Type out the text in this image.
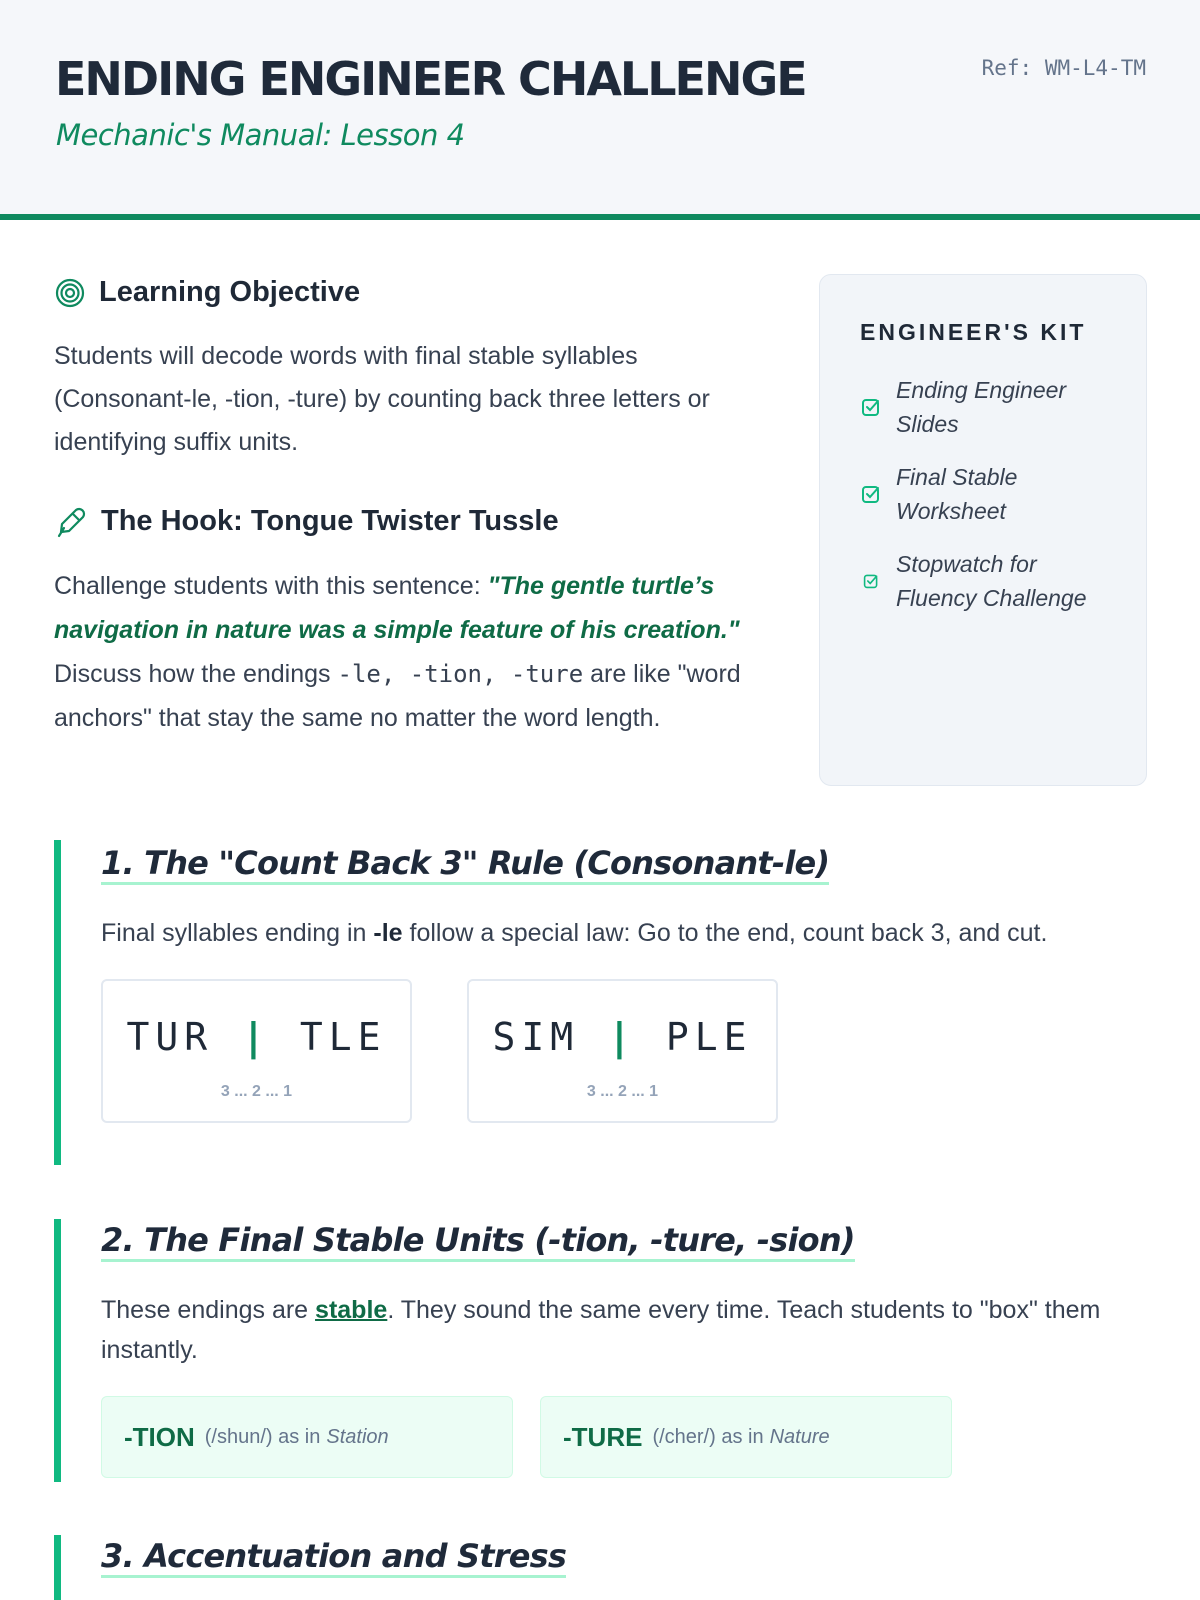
ENDING ENGINEER CHALLENGE
Mechanic's Manual: Lesson 4
Ref: WM-L4-TM
Learning Objective
Students will decode words with final stable syllables (Consonant-le, -tion, -ture) by counting back three letters or identifying suffix units.
The Hook: Tongue Twister Tussle
Challenge students with this sentence: "The gentle turtle’s navigation in nature was a simple feature of his creation." Discuss how the endings -le, -tion, -ture are like "word anchors" that stay the same no matter the word length.
ENGINEER'S KIT
Ending Engineer Slides
Final Stable Worksheet
Stopwatch for Fluency Challenge
1. The "Count Back 3" Rule (Consonant-le)

Final syllables ending in -le follow a special law: Go to the end, count back 3, and cut.

TUR | TLE
3 ... 2 ... 1
SIM | PLE
3 ... 2 ... 1
2. The Final Stable Units (-tion, -ture, -sion)

These endings are stable. They sound the same every time. Teach students to "box" them instantly.

-TION (/shun/) as in Station	-TURE (/cher/) as in Nature
3. Accentuation and Stress
